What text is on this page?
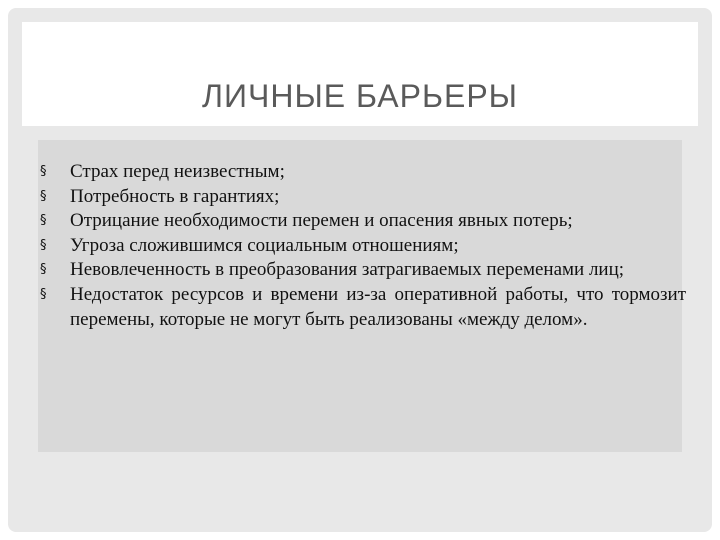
ЛИЧНЫЕ БАРЬЕРЫ
§ Страх перед неизвестным;
§ Потребность в гарантиях;
§ Отрицание необходимости перемен и опасения явных потерь;
§ Угроза сложившимся социальным отношениям;
§ Невовлеченность в преобразования затрагиваемых переменами лиц;
§ Недостаток ресурсов и времени из-за оперативной работы, что тормозит перемены, которые не могут быть реализованы «между делом».
